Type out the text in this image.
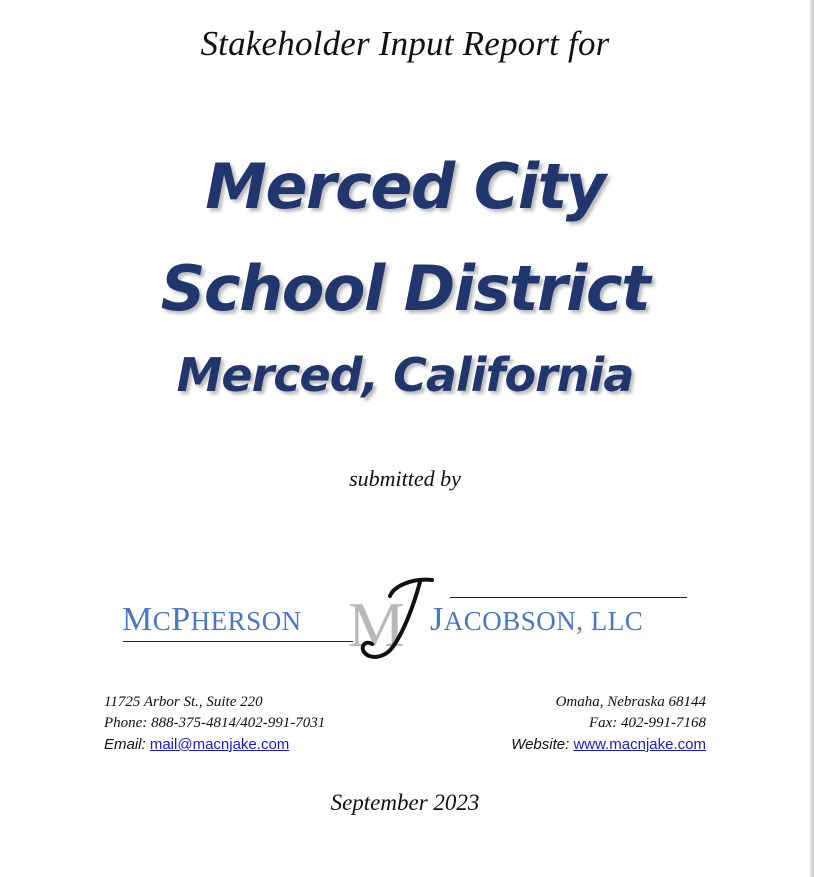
Stakeholder Input Report for
Merced City
School District
Merced, California
submitted by
MCPHERSON M JACOBSON, LLC
11725 Arbor St., Suite 220
Phone: 888-375-4814/402-991-7031
Email: mail@macnjake.com
Omaha, Nebraska 68144
Fax: 402-991-7168
Website: www.macnjake.com
September 2023
